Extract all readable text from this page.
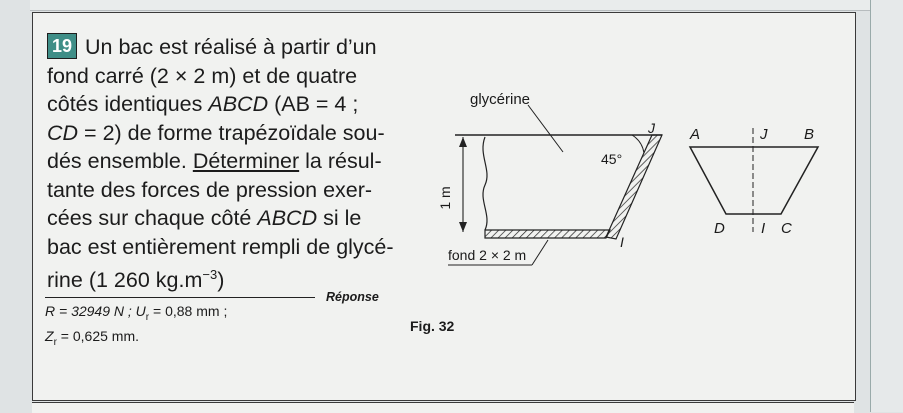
19 Un bac est réalisé à partir d’un
fond carré (2 × 2 m) et de quatre
côtés identiques ABCD (AB = 4 ;
CD = 2) de forme trapézoïdale sou-
dés ensemble. Déterminer la résul-
tante des forces de pression exer-
cées sur chaque côté ABCD si le
bac est entièrement rempli de glycé-
rine (1 260 $kg.m^{-3}$)
Réponse
R = 32949 N ; $U_r = 0,88$ mm ;
$Z_r = 0,625$ mm.
Fig. 32
glycérine
45°
1 m
J
I
fond 2 × 2 m
A	J B
D I C
